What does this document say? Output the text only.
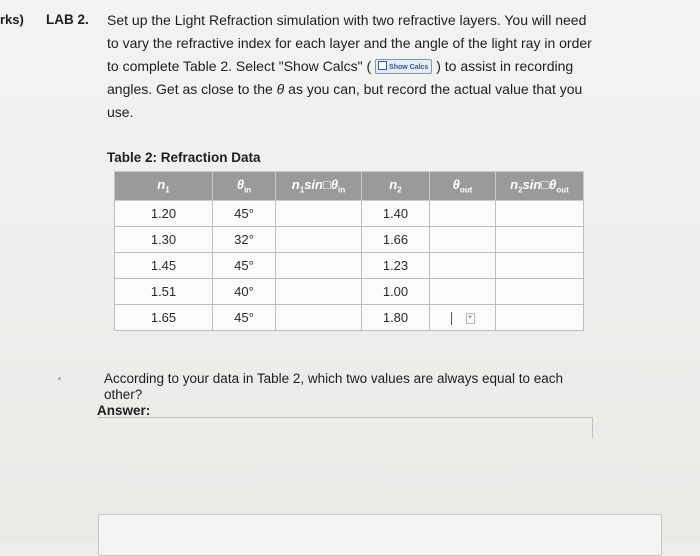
rks) LAB 2. Set up the Light Refraction simulation with two refractive layers. You will need
to vary the refractive index for each layer and the angle of the light ray in order
to complete Table 2. Select "Show Calcs" (	Show Calcs ) to assist in recording
angles. Get as close to the θ as you can, but record the actual value that you
use.
Table 2: Refraction Data
$n_1$	$\theta_{in}$	$n_1\sin□\theta_{in}$	$n_2$	$\theta_{out}$	$n_2\sin□\theta_{out}$
1.20	45°		1.40		
1.30	32°		1.66		
1.45	45°		1.23		
1.51	40°		1.00		
1.65	45°		1.80	▾	
According to your data in Table 2, which two values are always equal to each other?
Answer:
